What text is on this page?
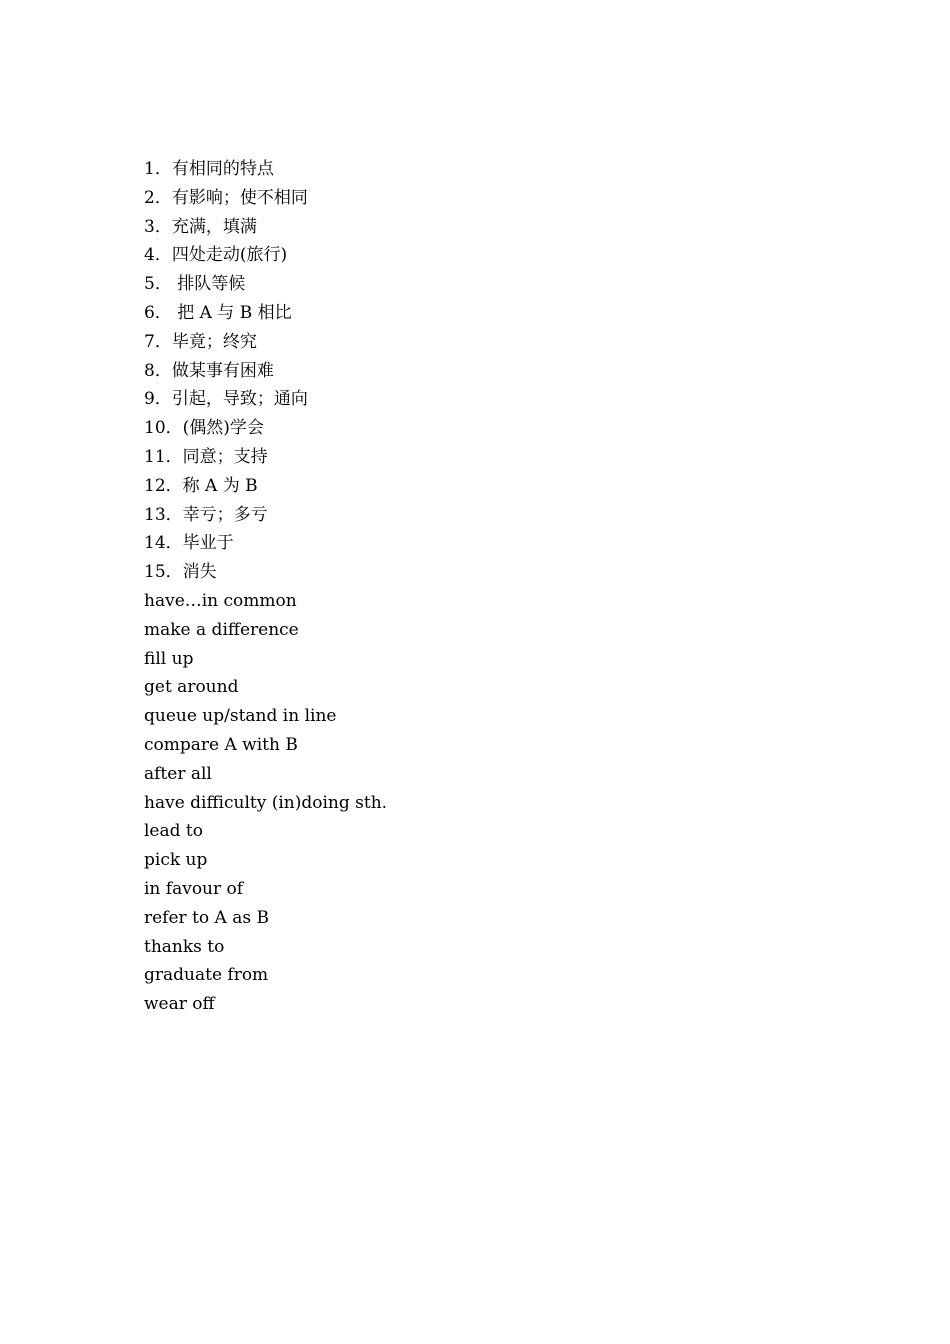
1．有相同的特点
2．有影响；使不相同
3．充满，填满
4．四处走动(旅行)
5． 排队等候
6． 把 A 与 B 相比
7．毕竟；终究
8．做某事有困难
9．引起，导致；通向
10．(偶然)学会
11．同意；支持
12．称 A 为 B
13．幸亏；多亏
14．毕业于
15．消失
have…in common
make a difference
fill up
get around
queue up/stand in line
compare A with B
after all
have difficulty (in)doing sth.
lead to
pick up
in favour of
refer to A as B
thanks to
graduate from
wear off
